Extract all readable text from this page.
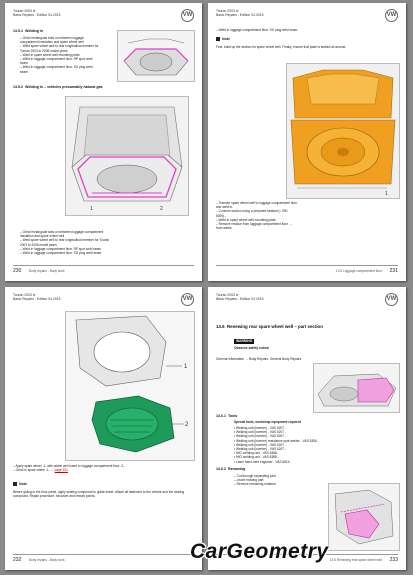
VW
Touran 2003 ➤
Basic Repairs - Edition 04.2015
13.5.1 Welding in
– Grind rectangular tabs on between luggage compartment insulation and spare wheel well
– Weld spare wheel well to rear longitudinal member for Touran 2003 to 2006 model years
– Weld in spare wheel well mounting plate.
– Weld in luggage compartment floor. RP spot weld seam
– Weld in luggage compartment floor. SG plug weld seam
13.5.2 Welding in – vehicles presumably natural gas
1	2
– Grind rectangular tabs on between luggage compartment insulation and spare wheel well
– Weld spare wheel well to rear longitudinal member for Touran 2003 to 2006 model years
– Weld in luggage compartment floor. RP spot weld seam
– Weld in luggage compartment floor. SG plug weld seam
230 Body repairs - Body work
VW
Touran 2003 ➤
Basic Repairs - Edition 04.2015
– Weld in luggage compartment floor. SG plug weld seam
Note
First, build up the section for spare wheel well. Finally, ensure that plate is seated all around.
1
– Transfer spare wheel well to luggage compartment floor and weld in.
– Connect section using a prepared sealant (≈ 500-6009)...
– Weld in spare wheel well mounting plate.
– Remove residue from luggage compartment floor → from welds.
13.5 Luggage compartment floor 231
VW
Touran 2003 ➤
Basic Repairs - Edition 04.2015
1
2
– Apply spare wheel -1- with wheel well insert to luggage compartment floor -2-.
– Grind in spare wheel -1- → page 231
Note
Before gluing in the floor panel, apply sealing compound to guide sheet. Attach all fasteners to the vehicle and the sealing compound. Repair procedure, structure and rework points.
232 Body repairs - Body work
VW
Touran 2003 ➤
Basic Repairs - Edition 04.2015
13.6 Renewing rear spare wheel well – part section
WARNING
Observe safety notes!
General information → Body Repairs, General Body Repairs
13.6.1 Tools
Special tools, workshop equipment required
• Welding unit (inverter) - VAS 6207 -
• Welding unit (inverter) - VAS 6207 -
• Welding unit (inverter) - VAS 6207 -
• Welding unit (inverter) resistance spot welder - VAS 6356 -
• Welding unit (inverter) - VAS 6207 -
• Welding unit (inverter) - VAS 6207 -
• MIG welding unit - VAS 6388 -
• MIG welding unit - VAS 6388 -
• Laser hand-held engraver - VAS 6615 -
13.6.2 Removing
– Cut through separating joint
– Leave existing part
– Remove remaining material
13.6 Renewing rear spare wheel well 233
CarGeometry
